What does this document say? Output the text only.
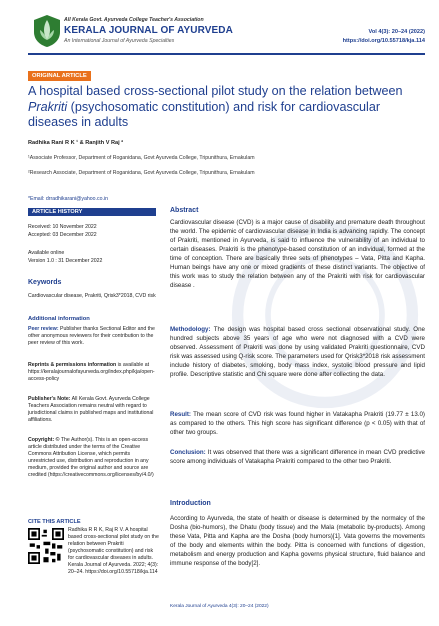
All Kerala Govt. Ayurveda College Teacher's Association
KERALA JOURNAL OF AYURVEDA
An International Journal of Ayurveda Specialties
Vol 4(3): 20–24 (2022)
https://doi.org/10.55718/kja.114
ORIGINAL ARTICLE
A hospital based cross-sectional pilot study on the relation between Prakriti (psychosomatic constitution) and risk for cardiovascular diseases in adults
Radhika Rani R K ¹ & Ranjith V Raj ²
¹Associate Professor, Department of Roganidana, Govt Ayurveda College, Tripunithura, Ernakulam
²Research Associate, Department of Roganidana, Govt Ayurveda College, Tripunithura, Ernakulam
*Email: drradhikarani@yahoo.co.in
ARTICLE HISTORY
Received: 10 November 2022
Accepted: 03 December 2022
Available online
Version 1.0 : 31 December 2022
Keywords
Cardiovascular disease, Prakriti, Qrisk3*2018, CVD risk
Additional information
Peer review: Publisher thanks Sectional Editor and the other anonymous reviewers for their contribution to the peer review of this work.
Reprints & permissions information is available at https://keralajournalofayurveda.org/index.php/kja/open-access-policy
Publisher's Note: All Kerala Govt. Ayurveda College Teachers Association remains neutral with regard to jurisdictional claims in published maps and institutional affiliations.
Copyright: © The Author(s). This is an open-access article distributed under the terms of the Creative Commons Attribution License, which permits unrestricted use, distribution and reproduction in any medium, provided the original author and source are credited (https://creativecommons.org/licenses/by/4.0/)
CITE THIS ARTICLE
Radhika R R K, Raj R V. A hospital based cross-sectional pilot study on the relation between Prakriti (psychosomatic constitution) and risk for cardiovascular diseases in adults. Kerala Journal of Ayurveda. 2022; 4(3): 20–24. https://doi.org/10.55718/kja.114
Abstract
Cardiovascular disease (CVD) is a major cause of disability and premature death throughout the world. The epidemic of cardiovascular disease in India is advancing rapidly. The concept of Prakriti, mentioned in Ayurveda, is said to influence the vulnerability of an individual to certain diseases. Prakriti is the phenotype-based constitution of an individual, formed at the time of conception. There are basically three sets of phenotypes – Vata, Pitta and Kapha. Human beings have any one or mixed gradients of these distinct variants. The objective of this work was to study the relation between any of the Prakriti with risk for cardiovascular disease .
Methodology: The design was hospital based cross sectional observational study. One hundred subjects above 35 years of age who were not diagnosed with a CVD were observed. Assessment of Prakriti was done by using validated Prakriti questionnaire, CVD risk was assessed using Q-risk score. The parameters used for Qrisk3*2018 risk assessment include history of diabetes, smoking, body mass index, systolic blood pressure and lipid profile. Descriptive statistic and Chi square were done after collecting the data.
Result: The mean score of CVD risk was found higher in Vatakapha Prakriti (19.77 ± 13.0) as compared to the others. This high score has significant difference (p < 0.05) with that of other two groups.
Conclusion: It was observed that there was a significant difference in mean CVD predictive score among individuals of Vatakapha Prakriti compared to the other two Prakriti.
Introduction
According to Ayurveda, the state of health or disease is determined by the normalcy of the Dosha (bio-humors), the Dhatu (body tissue) and the Mala (metabolic by-products). Among these Vata, Pitta and Kapha are the Dosha (body humors)[1]. Vata governs the movements of the body and elements within the body. Pitta is concerned with functions of digestion, metabolism and energy production and Kapha governs physical structure, fluid balance and immune response of the body[2].
Kerala Journal of Ayurveda 4(3): 20–24 (2022)
